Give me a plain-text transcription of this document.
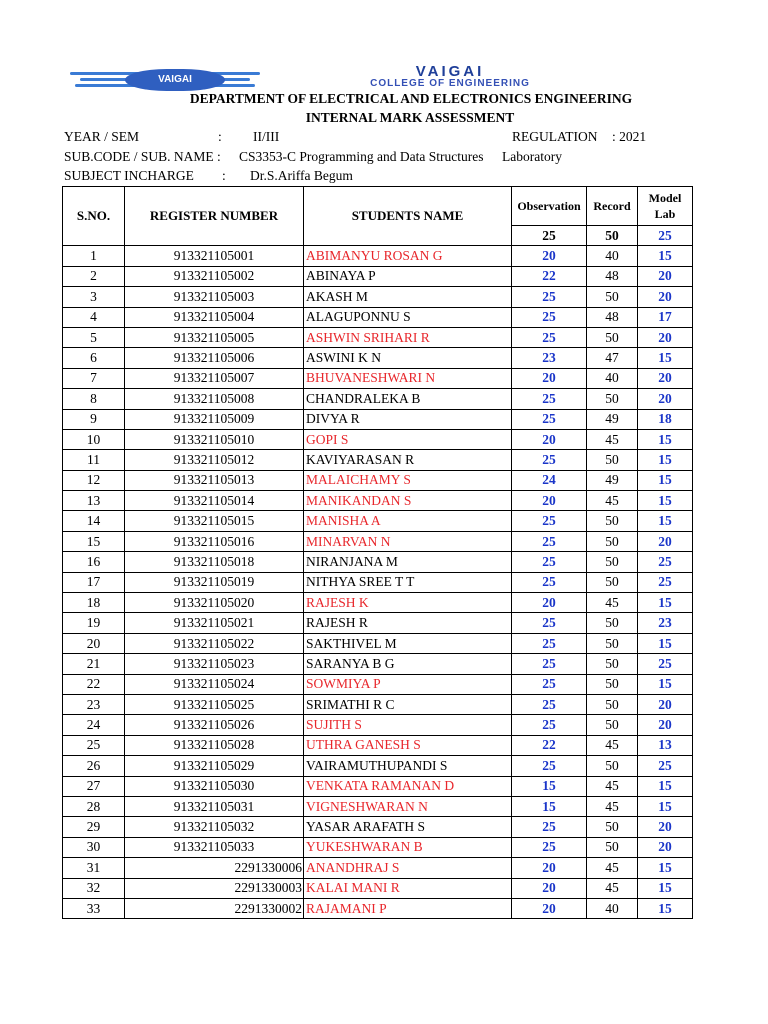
VAIGAI	VAIGAI
COLLEGE OF ENGINEERING
DEPARTMENT OF ELECTRICAL AND ELECTRONICS ENGINEERING
INTERNAL MARK ASSESSMENT
YEAR / SEM	: II/III	REGULATION : 2021
SUB.CODE / SUB. NAME : CS3353-C Programming and Data Structures Laboratory
SUBJECT INCHARGE : Dr.S.Ariffa Begum
S.NO.	REGISTER NUMBER	STUDENTS NAME	Observation	Record	Model Lab
			25	50	25
1	913321105001	ABIMANYU ROSAN G	20	40	15
2	913321105002	ABINAYA P	22	48	20
3	913321105003	AKASH M	25	50	20
4	913321105004	ALAGUPONNU S	25	48	17
5	913321105005	ASHWIN SRIHARI R	25	50	20
6	913321105006	ASWINI K N	23	47	15
7	913321105007	BHUVANESHWARI N	20	40	20
8	913321105008	CHANDRALEKA B	25	50	20
9	913321105009	DIVYA R	25	49	18
10	913321105010	GOPI S	20	45	15
11	913321105012	KAVIYARASAN R	25	50	15
12	913321105013	MALAICHAMY S	24	49	15
13	913321105014	MANIKANDAN S	20	45	15
14	913321105015	MANISHA A	25	50	15
15	913321105016	MINARVAN N	25	50	20
16	913321105018	NIRANJANA M	25	50	25
17	913321105019	NITHYA SREE T T	25	50	25
18	913321105020	RAJESH K	20	45	15
19	913321105021	RAJESH R	25	50	23
20	913321105022	SAKTHIVEL M	25	50	15
21	913321105023	SARANYA B G	25	50	25
22	913321105024	SOWMIYA P	25	50	15
23	913321105025	SRIMATHI R C	25	50	20
24	913321105026	SUJITH S	25	50	20
25	913321105028	UTHRA GANESH S	22	45	13
26	913321105029	VAIRAMUTHUPANDI S	25	50	25
27	913321105030	VENKATA RAMANAN D	15	45	15
28	913321105031	VIGNESHWARAN N	15	45	15
29	913321105032	YASAR ARAFATH S	25	50	20
30	913321105033	YUKESHWARAN B	25	50	20
31	2291330006	ANANDHRAJ S	20	45	15
32	2291330003	KALAI MANI R	20	45	15
33	2291330002	RAJAMANI P	20	40	15
